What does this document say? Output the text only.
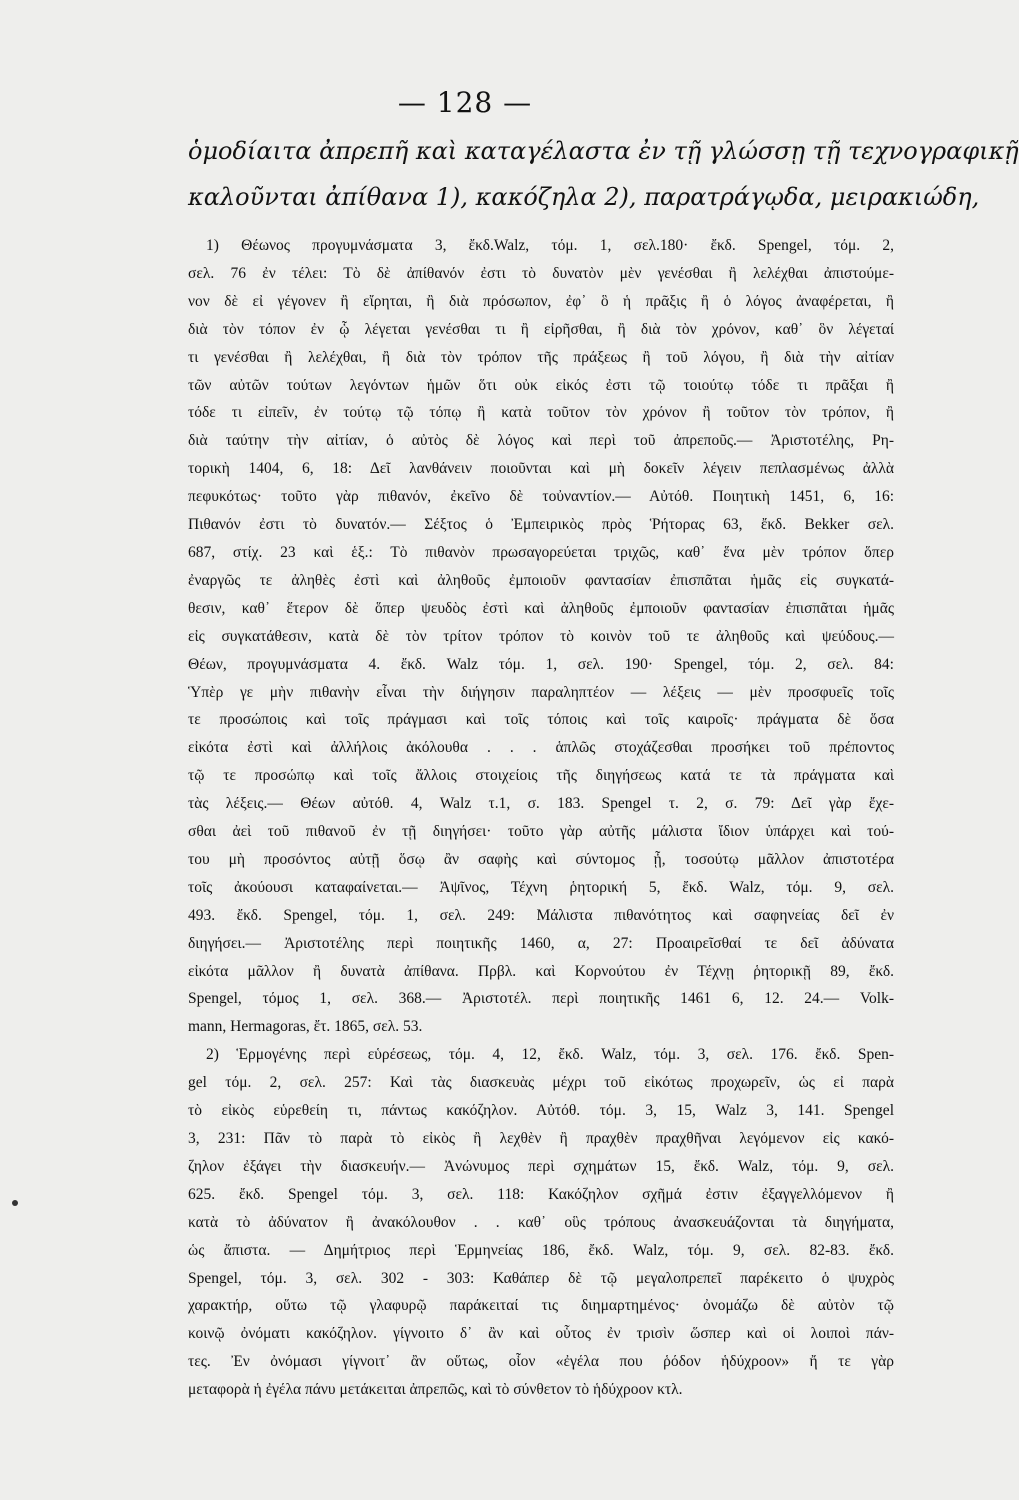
— 128 —

ὁμοδίαιτα ἀπρεπῆ καὶ καταγέλαστα ἐν τῇ γλώσσῃ τῇ τεχνογραφικῇ
καλοῦνται ἀπίθανα 1), κακόζηλα 2), παρατράγῳδα, μειρακιώδη,

1) Θέωνος προγυμνάσματα 3, ἔκδ.Walz, τόμ. 1, σελ.180· ἔκδ. Spengel, τόμ. 2,
σελ. 76 ἐν τέλει: Τὸ δὲ ἀπίθανόν ἐστι τὸ δυνατὸν μὲν γενέσθαι ἢ λελέχθαι ἀπιστούμε-
νον δὲ εἰ γέγονεν ἢ εἴρηται, ἢ διὰ πρόσωπον, ἐφ᾽ ὃ ἡ πρᾶξις ἢ ὁ λόγος ἀναφέρεται, ἢ
διὰ τὸν τόπον ἐν ᾧ λέγεται γενέσθαι τι ἢ εἰρῆσθαι, ἢ διὰ τὸν χρόνον, καθ᾽ ὃν λέγεταί
τι γενέσθαι ἢ λελέχθαι, ἢ διὰ τὸν τρόπον τῆς πράξεως ἢ τοῦ λόγου, ἢ διὰ τὴν αἰτίαν
τῶν αὐτῶν τούτων λεγόντων ἡμῶν ὅτι οὐκ εἰκός ἐστι τῷ τοιούτῳ τόδε τι πρᾶξαι ἢ
τόδε τι εἰπεῖν, ἐν τούτῳ τῷ τόπῳ ἢ κατὰ τοῦτον τὸν χρόνον ἢ τοῦτον τὸν τρόπον, ἢ
διὰ ταύτην τὴν αἰτίαν, ὁ αὐτὸς δὲ λόγος καὶ περὶ τοῦ ἀπρεποῦς.— Ἀριστοτέλης, Ρη-
τορικὴ 1404, 6, 18: Δεῖ λανθάνειν ποιοῦνται καὶ μὴ δοκεῖν λέγειν πεπλασμένως ἀλλὰ
πεφυκότως· τοῦτο γὰρ πιθανόν, ἐκεῖνο δὲ τοὐναντίον.— Αὐτόθ. Ποιητικὴ 1451, 6, 16:
Πιθανόν ἐστι τὸ δυνατόν.— Σέξτος ὁ Ἐμπειρικὸς πρὸς Ῥήτορας 63, ἔκδ. Bekker σελ.
687, στίχ. 23 καὶ ἑξ.: Τὸ πιθανὸν πρωσαγορεύεται τριχῶς, καθ᾽ ἕνα μὲν τρόπον ὅπερ
ἐναργῶς τε ἀληθὲς ἐστὶ καὶ ἀληθοῦς ἐμποιοῦν φαντασίαν ἐπισπᾶται ἡμᾶς εἰς συγκατά-
θεσιν, καθ᾽ ἕτερον δὲ ὅπερ ψευδὸς ἐστὶ καὶ ἀληθοῦς ἐμποιοῦν φαντασίαν ἐπισπᾶται ἡμᾶς
εἰς συγκατάθεσιν, κατὰ δὲ τὸν τρίτον τρόπον τὸ κοινὸν τοῦ τε ἀληθοῦς καὶ ψεύδους.—
Θέων, προγυμνάσματα 4. ἔκδ. Walz τόμ. 1, σελ. 190· Spengel, τόμ. 2, σελ. 84:
Ὑπὲρ γε μὴν πιθανὴν εἶναι τὴν διήγησιν παραληπτέον — λέξεις — μὲν προσφυεῖς τοῖς
τε προσώποις καὶ τοῖς πράγμασι καὶ τοῖς τόποις καὶ τοῖς καιροῖς· πράγματα δὲ ὅσα
εἰκότα ἐστὶ καὶ ἀλλήλοις ἀκόλουθα . . . ἁπλῶς στοχάζεσθαι προσήκει τοῦ πρέποντος
τῷ τε προσώπῳ καὶ τοῖς ἄλλοις στοιχείοις τῆς διηγήσεως κατά τε τὰ πράγματα καὶ
τὰς λέξεις.— Θέων αὐτόθ. 4, Walz τ.1, σ. 183. Spengel τ. 2, σ. 79: Δεῖ γὰρ ἔχε-
σθαι ἀεὶ τοῦ πιθανοῦ ἐν τῇ διηγήσει· τοῦτο γὰρ αὐτῆς μάλιστα ἴδιον ὑπάρχει καὶ τού-
του μὴ προσόντος αὐτῇ ὅσῳ ἂν σαφὴς καὶ σύντομος ᾖ, τοσούτῳ μᾶλλον ἀπιστοτέρα
τοῖς ἀκούουσι καταφαίνεται.— Ἀψῖνος, Τέχνη ῥητορική 5, ἔκδ. Walz, τόμ. 9, σελ.
493. ἔκδ. Spengel, τόμ. 1, σελ. 249: Μάλιστα πιθανότητος καὶ σαφηνείας δεῖ ἐν
διηγήσει.— Ἀριστοτέλης περὶ ποιητικῆς 1460, α, 27: Προαιρεῖσθαί τε δεῖ ἀδύνατα
εἰκότα μᾶλλον ἢ δυνατὰ ἀπίθανα. Πρβλ. καὶ Κορνούτου ἐν Τέχνῃ ῥητορικῇ 89, ἔκδ.
Spengel, τόμος 1, σελ. 368.— Ἀριστοτέλ. περὶ ποιητικῆς 1461 6, 12. 24.— Volk-
mann, Hermagoras, ἔτ. 1865, σελ. 53.
2) Ἑρμογένης περὶ εὑρέσεως, τόμ. 4, 12, ἔκδ. Walz, τόμ. 3, σελ. 176. ἔκδ. Spen-
gel τόμ. 2, σελ. 257: Καὶ τὰς διασκευὰς μέχρι τοῦ εἰκότως προχωρεῖν, ὡς εἰ παρὰ
τὸ εἰκὸς εὑρεθείη τι, πάντως κακόζηλον. Αὐτόθ. τόμ. 3, 15, Walz 3, 141. Spengel
3, 231: Πᾶν τὸ παρὰ τὸ εἰκὸς ἢ λεχθὲν ἢ πραχθὲν πραχθῆναι λεγόμενον εἰς κακό-
ζηλον ἐξάγει τὴν διασκευήν.— Ἀνώνυμος περὶ σχημάτων 15, ἔκδ. Walz, τόμ. 9, σελ.
625. ἔκδ. Spengel τόμ. 3, σελ. 118: Κακόζηλον σχῆμά ἐστιν ἐξαγγελλόμενον ἢ
κατὰ τὸ ἀδύνατον ἢ ἀνακόλουθον . . καθ᾽ οὓς τρόπους ἀνασκευάζονται τὰ διηγήματα,
ὡς ἄπιστα. — Δημήτριος περὶ Ἑρμηνείας 186, ἔκδ. Walz, τόμ. 9, σελ. 82-83. ἔκδ.
Spengel, τόμ. 3, σελ. 302 - 303: Καθάπερ δὲ τῷ μεγαλοπρεπεῖ παρέκειτο ὁ ψυχρὸς
χαρακτήρ, οὕτω τῷ γλαφυρῷ παράκειταί τις διημαρτημένος· ὀνομάζω δὲ αὐτὸν τῷ
κοινῷ ὀνόματι κακόζηλον. γίγνοιτο δ᾽ ἂν καὶ οὗτος ἐν τρισὶν ὥσπερ καὶ οἱ λοιποὶ πάν-
τες. Ἐν ὀνόμασι γίγνοιτ᾽ ἂν οὕτως, οἷον «ἐγέλα που ῥόδον ἡδύχροον» ἤ τε γὰρ
μεταφορὰ ἡ ἐγέλα πάνυ μετάκειται ἀπρεπῶς, καὶ τὸ σύνθετον τὸ ἡδύχροον κτλ.
